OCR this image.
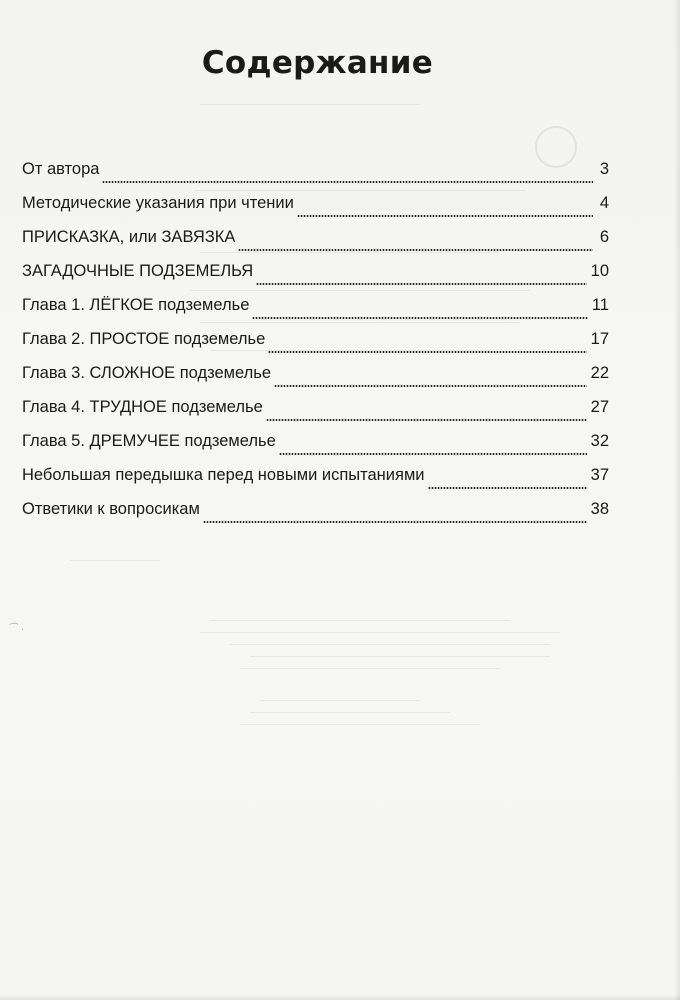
⁀ ·
Содержание
От автора	3
Методические указания при чтении	4
ПРИСКАЗКА, или ЗАВЯЗКА	6
ЗАГАДОЧНЫЕ ПОДЗЕМЕЛЬЯ	10
Глава 1. ЛЁГКОЕ подземелье	11
Глава 2. ПРОСТОЕ подземелье	17
Глава 3. СЛОЖНОЕ подземелье	22
Глава 4. ТРУДНОЕ подземелье	27
Глава 5. ДРЕМУЧЕЕ подземелье	32
Небольшая передышка перед новыми испытаниями	37
Ответики к вопросикам	38
